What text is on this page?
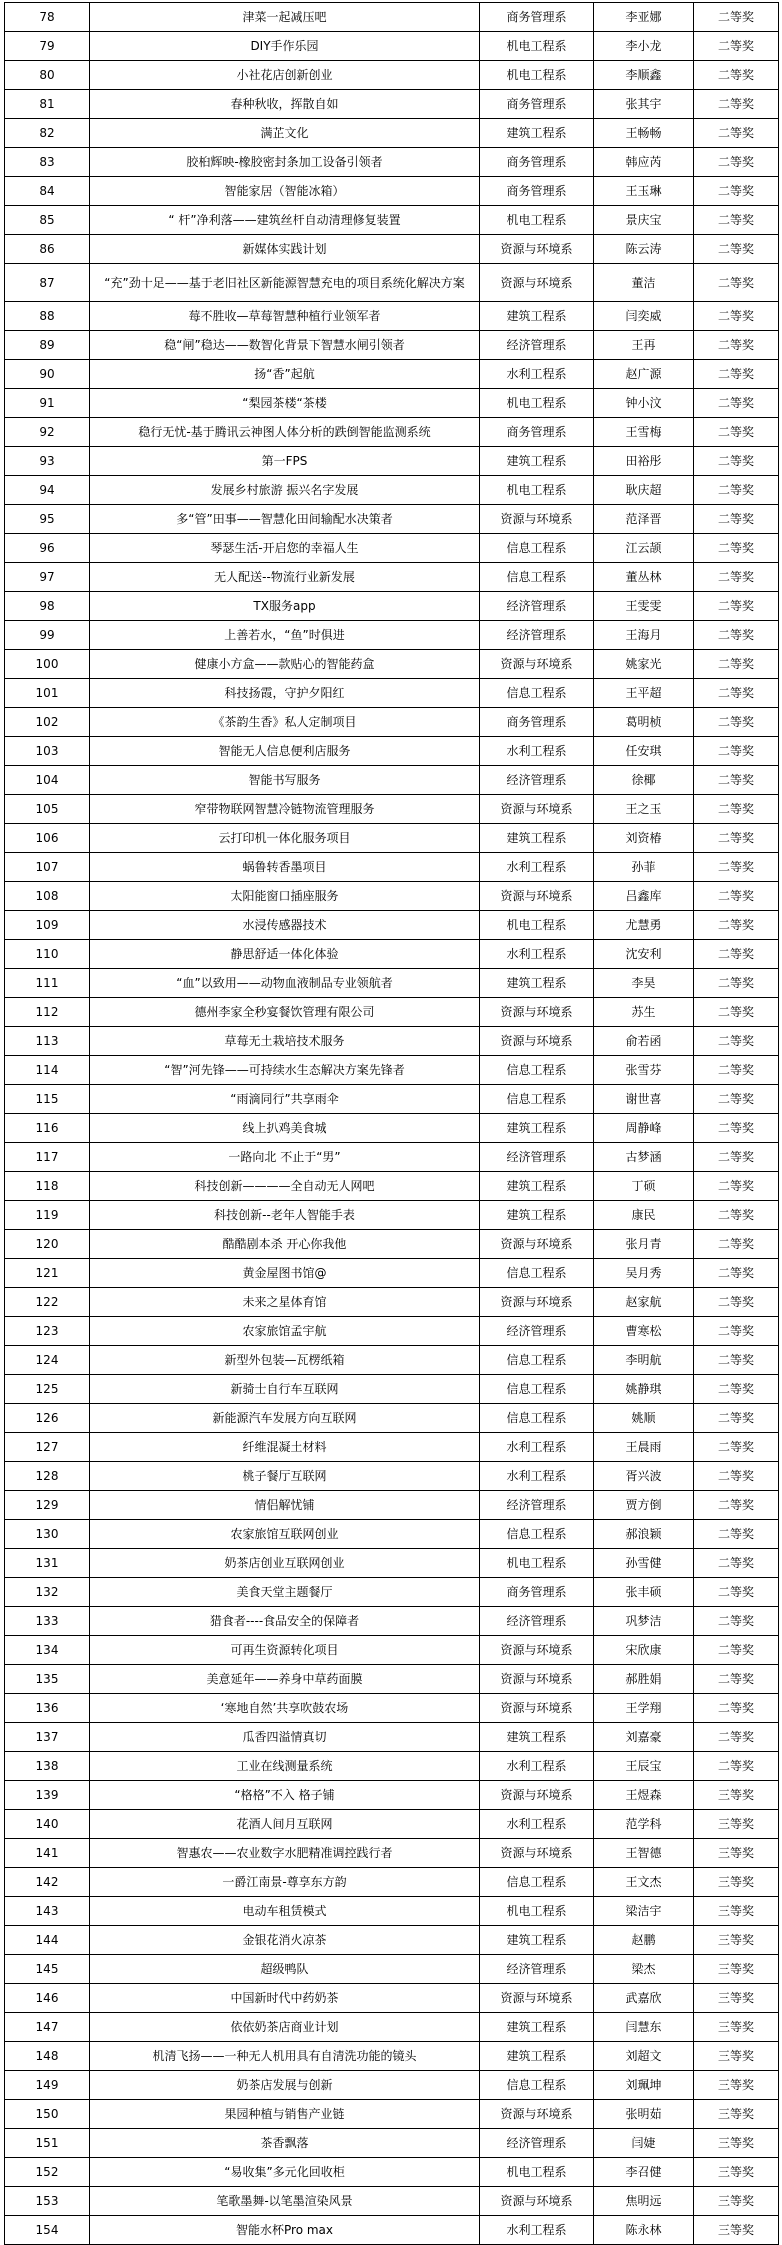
78	津菜一起减压吧	商务管理系	李亚娜	二等奖
79	DIY手作乐园	机电工程系	李小龙	二等奖
80	小社花店创新创业	机电工程系	李顺鑫	二等奖
81	春种秋收，挥散自如	商务管理系	张其宇	二等奖
82	满芷文化	建筑工程系	王畅畅	二等奖
83	胶桕辉映-橡胶密封条加工设备引领者	商务管理系	韩应芮	二等奖
84	智能家居（智能冰箱）	商务管理系	王玉琳	二等奖
85	“ 杆”净利落——建筑丝杆自动清理修复装置	机电工程系	景庆宝	二等奖
86	新媒体实践计划	资源与环境系	陈云涛	二等奖
87	“充”劲十足——基于老旧社区新能源智慧充电的项目系统化解决方案	资源与环境系	董洁	二等奖
88	莓不胜收—草莓智慧种植行业领军者	建筑工程系	闫奕威	二等奖
89	稳“闸”稳达——数智化背景下智慧水闸引领者	经济管理系	王再	二等奖
90	扬“香”起航	水利工程系	赵广源	二等奖
91	“梨园茶楼“茶楼	机电工程系	钟小汶	二等奖
92	稳行无忧-基于腾讯云神图人体分析的跌倒智能监测系统	商务管理系	王雪梅	二等奖
93	第一FPS	建筑工程系	田裕彤	二等奖
94	发展乡村旅游 振兴名字发展	机电工程系	耿庆超	二等奖
95	多“管”田事——智慧化田间输配水决策者	资源与环境系	范泽晋	二等奖
96	琴瑟生活-开启您的幸福人生	信息工程系	江云颉	二等奖
97	无人配送--物流行业新发展	信息工程系	董丛林	二等奖
98	TX服务app	经济管理系	王雯雯	二等奖
99	上善若水，“鱼”时俱进	经济管理系	王海月	二等奖
100	健康小方盒——款贴心的智能药盒	资源与环境系	姚家光	二等奖
101	科技扬霞，守护夕阳红	信息工程系	王平超	二等奖
102	《茶韵生香》私人定制项目	商务管理系	葛明桢	二等奖
103	智能无人信息便利店服务	水利工程系	任安琪	二等奖
104	智能书写服务	经济管理系	徐椰	二等奖
105	窄带物联网智慧冷链物流管理服务	资源与环境系	王之玉	二等奖
106	云打印机一体化服务项目	建筑工程系	刘资椿	二等奖
107	蜗鲁转香墨项目	水利工程系	孙菲	二等奖
108	太阳能窗口插座服务	资源与环境系	吕鑫库	二等奖
109	水浸传感器技术	机电工程系	尤慧勇	二等奖
110	静思舒适一体化体验	水利工程系	沈安利	二等奖
111	“血”以致用——动物血液制品专业领航者	建筑工程系	李昊	二等奖
112	德州李家全秒宴餐饮管理有限公司	资源与环境系	苏生	二等奖
113	草莓无土栽培技术服务	资源与环境系	俞若函	二等奖
114	“智”河先锋——可持续水生态解决方案先锋者	信息工程系	张雪芬	二等奖
115	“雨滴同行”共享雨伞	信息工程系	谢世喜	二等奖
116	线上扒鸡美食城	建筑工程系	周静峰	二等奖
117	一路向北 不止于“男”	经济管理系	古梦涵	二等奖
118	科技创新————全自动无人网吧	建筑工程系	丁硕	二等奖
119	科技创新--老年人智能手表	建筑工程系	康民	二等奖
120	酷酷剧本杀 开心你我他	资源与环境系	张月青	二等奖
121	黄金屋图书馆@	信息工程系	吴月秀	二等奖
122	未来之星体育馆	资源与环境系	赵家航	二等奖
123	农家旅馆孟宇航	经济管理系	曹寒松	二等奖
124	新型外包装—瓦楞纸箱	信息工程系	李明航	二等奖
125	新骑士自行车互联网	信息工程系	姚静琪	二等奖
126	新能源汽车发展方向互联网	信息工程系	姚顺	二等奖
127	纤维混凝土材料	水利工程系	王晨雨	二等奖
128	桃子餐厅互联网	水利工程系	胥兴波	二等奖
129	情侣解忧铺	经济管理系	贾方倒	二等奖
130	农家旅馆互联网创业	信息工程系	郝浪颖	二等奖
131	奶茶店创业互联网创业	机电工程系	孙雪健	二等奖
132	美食天堂主题餐厅	商务管理系	张丰硕	二等奖
133	猎食者----食品安全的保障者	经济管理系	巩梦洁	二等奖
134	可再生资源转化项目	资源与环境系	宋欣康	二等奖
135	美意延年——养身中草药面膜	资源与环境系	郝胜娟	二等奖
136	‘寒地自然’共享吹鼓农场	资源与环境系	王学翔	二等奖
137	瓜香四溢情真切	建筑工程系	刘嘉豪	二等奖
138	工业在线测量系统	水利工程系	王辰宝	二等奖
139	“格格”不入 格子铺	资源与环境系	王煜森	三等奖
140	花酒人间月互联网	水利工程系	范学科	三等奖
141	智惠农——农业数字水肥精准调控践行者	资源与环境系	王智德	三等奖
142	一爵江南景-尊享东方韵	信息工程系	王文杰	三等奖
143	电动车租赁模式	机电工程系	梁洁宇	三等奖
144	金银花消火凉茶	建筑工程系	赵鹏	三等奖
145	超级鸭队	经济管理系	梁杰	三等奖
146	中国新时代中药奶茶	资源与环境系	武嘉欣	三等奖
147	依依奶茶店商业计划	建筑工程系	闫慧东	三等奖
148	机清飞扬——一种无人机用具有自清洗功能的镜头	建筑工程系	刘超文	三等奖
149	奶茶店发展与创新	信息工程系	刘珮坤	三等奖
150	果园种植与销售产业链	资源与环境系	张明茹	三等奖
151	茶香飘落	经济管理系	闫婕	三等奖
152	“易收集”多元化回收柜	机电工程系	李召健	三等奖
153	笔歌墨舞-以笔墨渲染风景	资源与环境系	焦明远	三等奖
154	智能水杯Pro max	水利工程系	陈永林	三等奖
